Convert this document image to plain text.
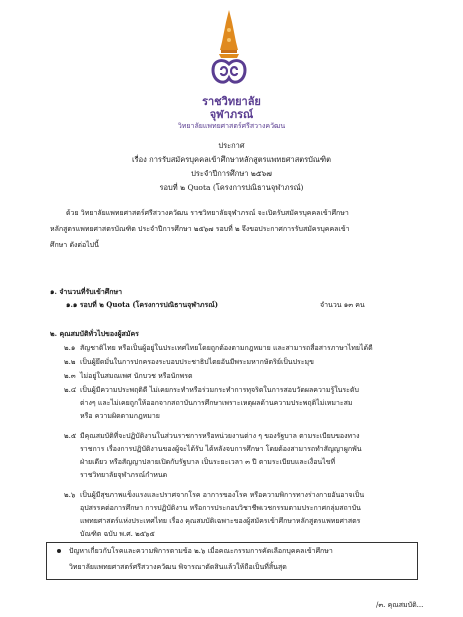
ราชวิทยาลัย
จุฬาภรณ์
วิทยาลัยแพทยศาสตร์ศรีสวางควัฒน
ประกาศ
เรื่อง การรับสมัครบุคคลเข้าศึกษาหลักสูตรแพทยศาสตรบัณฑิต
ประจำปีการศึกษา ๒๕๖๗
รอบที่ ๒ Quota (โครงการปณิธานจุฬาภรณ์)
ด้วย วิทยาลัยแพทยศาสตร์ศรีสวางควัฒน ราชวิทยาลัยจุฬาภรณ์ จะเปิดรับสมัครบุคคลเข้าศึกษา
หลักสูตรแพทยศาสตรบัณฑิต ประจำปีการศึกษา ๒๕๖๗ รอบที่ ๒ จึงขอประกาศการรับสมัครบุคคลเข้า
ศึกษา ดังต่อไปนี้
๑. จำนวนที่รับเข้าศึกษา
๑.๑ รอบที่ ๒ Quota (โครงการปณิธานจุฬาภรณ์)	จำนวน ๑๓ คน
๒. คุณสมบัติทั่วไปของผู้สมัคร
๒.๑ สัญชาติไทย หรือเป็นผู้อยู่ในประเทศไทยโดยถูกต้องตามกฎหมาย และสามารถสื่อสารภาษาไทยได้ดี
๒.๒ เป็นผู้ยึดมั่นในการปกครองระบอบประชาธิปไตยอันมีพระมหากษัตริย์เป็นประมุข
๒.๓ ไม่อยู่ในสมณเพศ นักบวช หรือนักพรต
๒.๔ เป็นผู้มีความประพฤติดี ไม่เคยกระทำหรือร่วมกระทำการทุจริตในการสอบวัดผลความรู้ในระดับ
ต่างๆ และไม่เคยถูกให้ออกจากสถาบันการศึกษาเพราะเหตุผลด้านความประพฤติไม่เหมาะสม
หรือ ความผิดตามกฎหมาย
๒.๕ มีคุณสมบัติที่จะปฏิบัติงานในส่วนราชการหรือหน่วยงานต่าง ๆ ของรัฐบาล ตามระเบียบของทาง
ราชการ เรื่องการปฏิบัติงานของผู้จะได้รับ ได้หลังจบการศึกษา โดยต้องสามารถทำสัญญาผูกพัน
ฝ่ายเดียว หรือสัญญาปลายเปิดกับรัฐบาล เป็นระยะเวลา ๓ ปี ตามระเบียบและเงื่อนไขที่
ราชวิทยาลัยจุฬาภรณ์กำหนด
๒.๖ เป็นผู้มีสุขภาพแข็งแรงและปราศจากโรค อาการของโรค หรือความพิการทางร่างกายอันอาจเป็น
อุปสรรคต่อการศึกษา การปฏิบัติงาน หรือการประกอบวิชาชีพเวชกรรมตามประกาศกลุ่มสถาบัน
แพทยศาสตร์แห่งประเทศไทย เรื่อง คุณสมบัติเฉพาะของผู้สมัครเข้าศึกษาหลักสูตรแพทยศาสตร
บัณฑิต ฉบับ พ.ศ. ๒๕๖๕
ปัญหาเกี่ยวกับโรคและความพิการตามข้อ ๒.๖ เมื่อคณะกรรมการคัดเลือกบุคคลเข้าศึกษา
วิทยาลัยแพทยศาสตร์ศรีสวางควัฒน พิจารณาตัดสินแล้วให้ถือเป็นที่สิ้นสุด
/๓. คุณสมบัติ...
